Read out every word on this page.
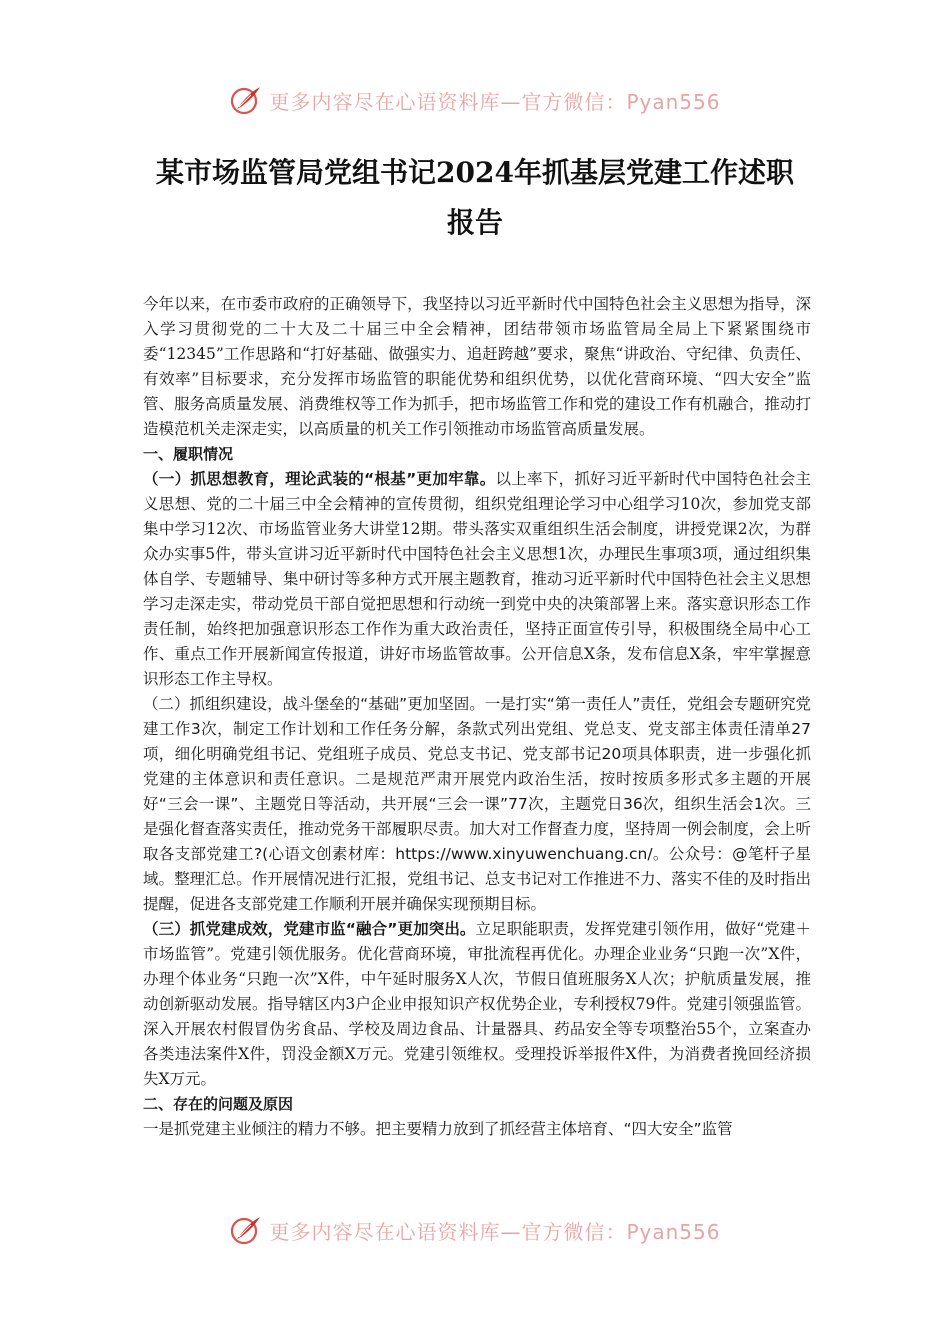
更多内容尽在心语资料库—官方微信：Pyan556
某市场监管局党组书记2024年抓基层党建工作述职
报告

今年以来，在市委市政府的正确领导下，我坚持以习近平新时代中国特色社会主义思想为指导，深入学习贯彻党的二十大及二十届三中全会精神，团结带领市场监管局全局上下紧紧围绕市委“12345”工作思路和“打好基础、做强实力、追赶跨越”要求，聚焦“讲政治、守纪律、负责任、有效率”目标要求，充分发挥市场监管的职能优势和组织优势，以优化营商环境、“四大安全”监管、服务高质量发展、消费维权等工作为抓手，把市场监管工作和党的建设工作有机融合，推动打造模范机关走深走实，以高质量的机关工作引领推动市场监管高质量发展。

一、履职情况

（一）抓思想教育，理论武装的“根基”更加牢靠。以上率下，抓好习近平新时代中国特色社会主义思想、党的二十届三中全会精神的宣传贯彻，组织党组理论学习中心组学习10次，参加党支部集中学习12次、市场监管业务大讲堂12期。带头落实双重组织生活会制度，讲授党课2次，为群众办实事5件，带头宣讲习近平新时代中国特色社会主义思想1次，办理民生事项3项，通过组织集体自学、专题辅导、集中研讨等多种方式开展主题教育，推动习近平新时代中国特色社会主义思想学习走深走实，带动党员干部自觉把思想和行动统一到党中央的决策部署上来。落实意识形态工作责任制，始终把加强意识形态工作作为重大政治责任，坚持正面宣传引导，积极围绕全局中心工作、重点工作开展新闻宣传报道，讲好市场监管故事。公开信息X条，发布信息X条，牢牢掌握意识形态工作主导权。

（二）抓组织建设，战斗堡垒的“基础”更加坚固。一是打实“第一责任人”责任，党组会专题研究党建工作3次，制定工作计划和工作任务分解，条款式列出党组、党总支、党支部主体责任清单27项，细化明确党组书记、党组班子成员、党总支书记、党支部书记20项具体职责，进一步强化抓党建的主体意识和责任意识。二是规范严肃开展党内政治生活，按时按质多形式多主题的开展好“三会一课”、主题党日等活动，共开展“三会一课”77次，主题党日36次，组织生活会1次。三是强化督查落实责任，推动党务干部履职尽责。加大对工作督查力度，坚持周一例会制度，会上听取各支部党建工?(心语文创素材库：https://www.xinyuwenchuang.cn/。公众号：@笔杆子星域。整理汇总。作开展情况进行汇报，党组书记、总支书记对工作推进不力、落实不佳的及时指出提醒，促进各支部党建工作顺利开展并确保实现预期目标。

（三）抓党建成效，党建市监“融合”更加突出。立足职能职责，发挥党建引领作用，做好“党建＋市场监管”。党建引领优服务。优化营商环境，审批流程再优化。办理企业业务“只跑一次”X件，办理个体业务“只跑一次”X件，中午延时服务X人次，节假日值班服务X人次；护航质量发展，推动创新驱动发展。指导辖区内3户企业申报知识产权优势企业，专利授权79件。党建引领强监管。深入开展农村假冒伪劣食品、学校及周边食品、计量器具、药品安全等专项整治55个，立案查办各类违法案件X件，罚没金额X万元。党建引领维权。受理投诉举报件X件，为消费者挽回经济损失X万元。

二、存在的问题及原因

一是抓党建主业倾注的精力不够。把主要精力放到了抓经营主体培育、“四大安全”监管

更多内容尽在心语资料库—官方微信：Pyan556
